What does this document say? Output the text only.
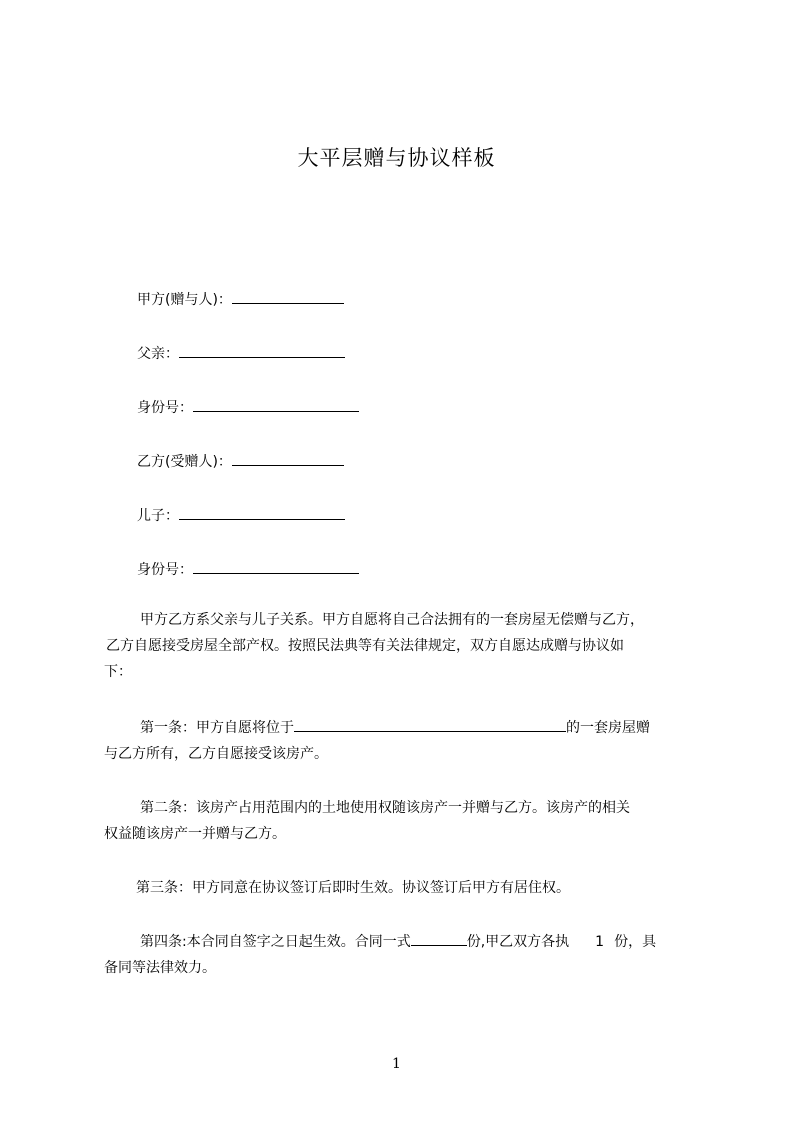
大平层赠与协议样板
甲方(赠与人)：
父亲：
身份号：
乙方(受赠人)：
儿子：
身份号：
甲方乙方系父亲与儿子关系。甲方自愿将自己合法拥有的一套房屋无偿赠与乙方，
乙方自愿接受房屋全部产权。按照民法典等有关法律规定，双方自愿达成赠与协议如
下：
第一条：甲方自愿将位于	的一套房屋赠
与乙方所有，乙方自愿接受该房产。
第二条：该房产占用范围内的土地使用权随该房产一并赠与乙方。该房产的相关
权益随该房产一并赠与乙方。
第三条：甲方同意在协议签订后即时生效。协议签订后甲方有居住权。
第四条:本合同自签字之日起生效。合同一式	份,甲乙双方各执 1 份，具
备同等法律效力。
1
